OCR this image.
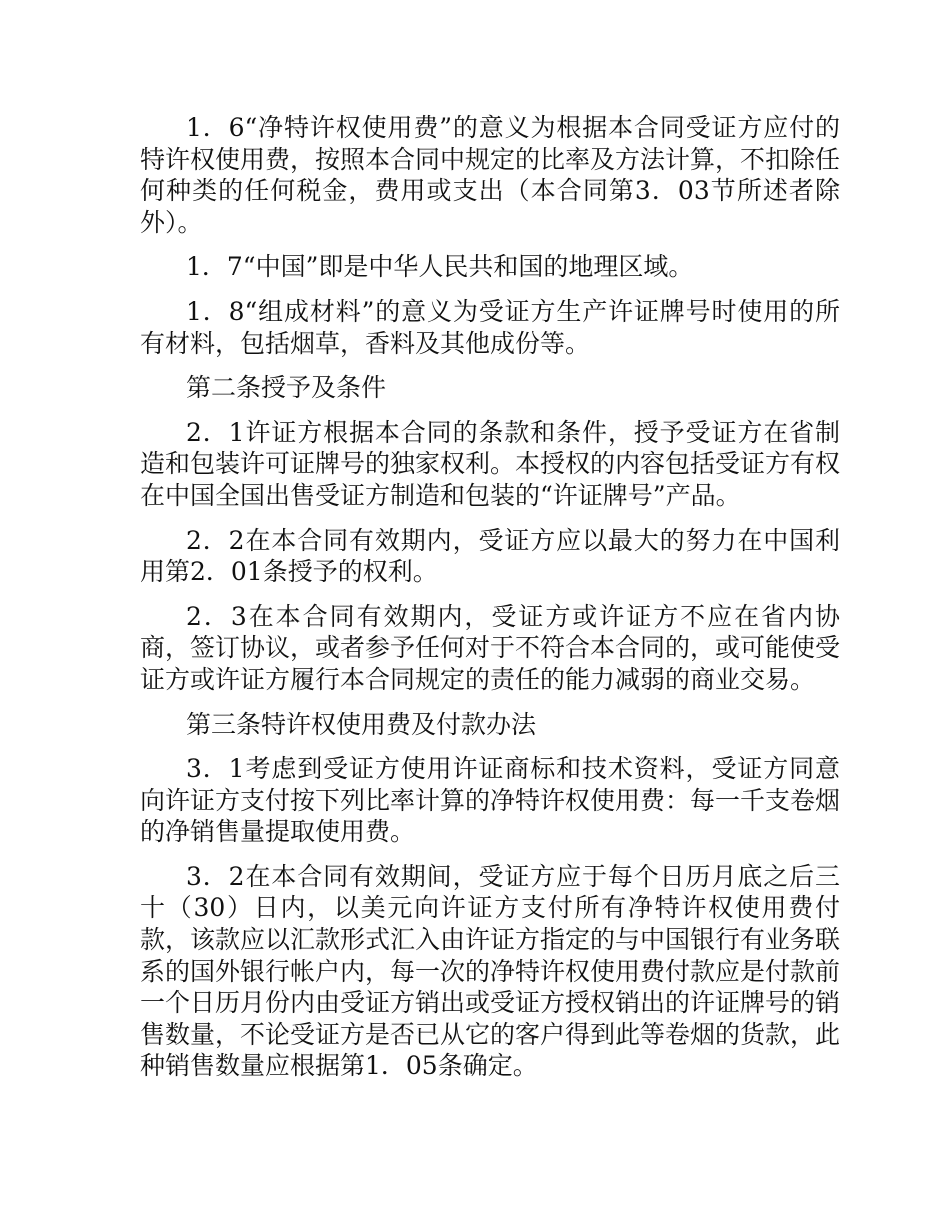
1．6“净特许权使用费”的意义为根据本合同受证方应付的特许权使用费，按照本合同中规定的比率及方法计算，不扣除任何种类的任何税金，费用或支出（本合同第3．03节所述者除外）。

1．7“中国”即是中华人民共和国的地理区域。

1．8“组成材料”的意义为受证方生产许证牌号时使用的所有材料，包括烟草，香料及其他成份等。

第二条授予及条件

2．1许证方根据本合同的条款和条件，授予受证方在省制造和包装许可证牌号的独家权利。本授权的内容包括受证方有权在中国全国出售受证方制造和包装的“许证牌号”产品。

2．2在本合同有效期内，受证方应以最大的努力在中国利用第2．01条授予的权利。

2．3在本合同有效期内，受证方或许证方不应在省内协商，签订协议，或者参予任何对于不符合本合同的，或可能使受证方或许证方履行本合同规定的责任的能力减弱的商业交易。

第三条特许权使用费及付款办法

3．1考虑到受证方使用许证商标和技术资料，受证方同意向许证方支付按下列比率计算的净特许权使用费：每一千支卷烟的净销售量提取使用费。

3．2在本合同有效期间，受证方应于每个日历月底之后三十（30）日内，以美元向许证方支付所有净特许权使用费付款，该款应以汇款形式汇入由许证方指定的与中国银行有业务联系的国外银行帐户内，每一次的净特许权使用费付款应是付款前一个日历月份内由受证方销出或受证方授权销出的许证牌号的销售数量，不论受证方是否已从它的客户得到此等卷烟的货款，此种销售数量应根据第1．05条确定。
